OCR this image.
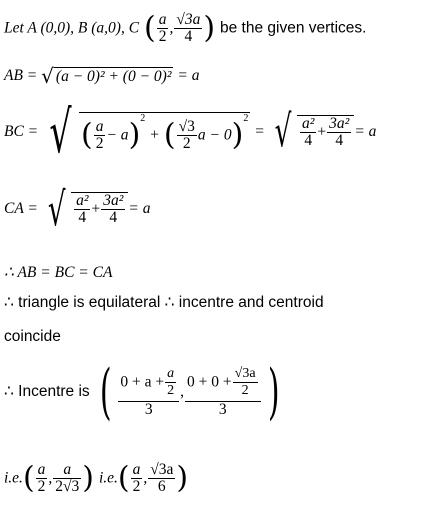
Let A (0,0), B (a,0), C ( $\frac{a}{2}$ , $\frac{√3a}{4}$ ) be the given vertices.
AB = √ (a − 0)² + (0 − 0)² = a
BC = √ ( $\frac{a}{2} - a)^2$ + ( $\frac{√3}{2}$ a − 0)$^2$ = √ $\frac{\text{a²}}{4} + \frac{\text{3a²}}{4} = a$
CA = √ $\frac{\text{a²}}{4} + \frac{\text{3a²}}{4} = a$
∴ AB = BC = CA
∴ triangle is equilateral ∴ incentre and centroid
coincide
∴ Incentre is ( $\frac{0 + a + \frac{a}{2}}{3}$ , $\frac{0 + 0 + \frac{√3a}{2}}{3}$ )
$i.e.( \frac{a}{2}$ , $\frac{a}{2√3}$ ) $i.e.( \frac{a}{2}$ , $\frac{√3a}{6}$ )
